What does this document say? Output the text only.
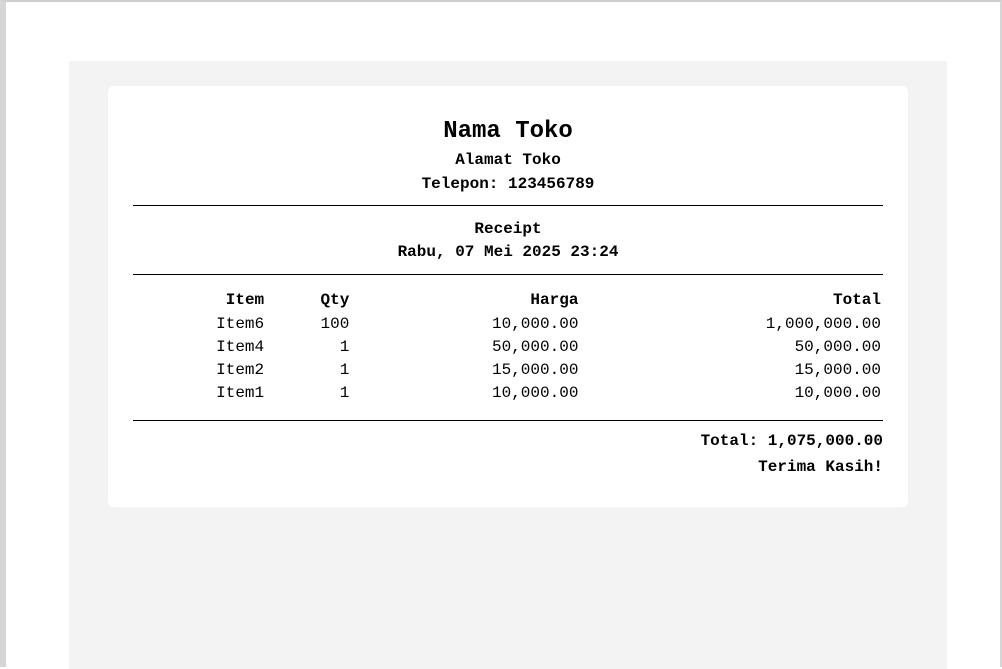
Nama Toko
Alamat Toko
Telepon: 123456789
Receipt
Rabu, 07 Mei 2025 23:24
Item	Qty	Harga	Total
Item6	100	10,000.00	1,000,000.00
Item4	1	50,000.00	50,000.00
Item2	1	15,000.00	15,000.00
Item1	1	10,000.00	10,000.00
Total: 1,075,000.00
Terima Kasih!
